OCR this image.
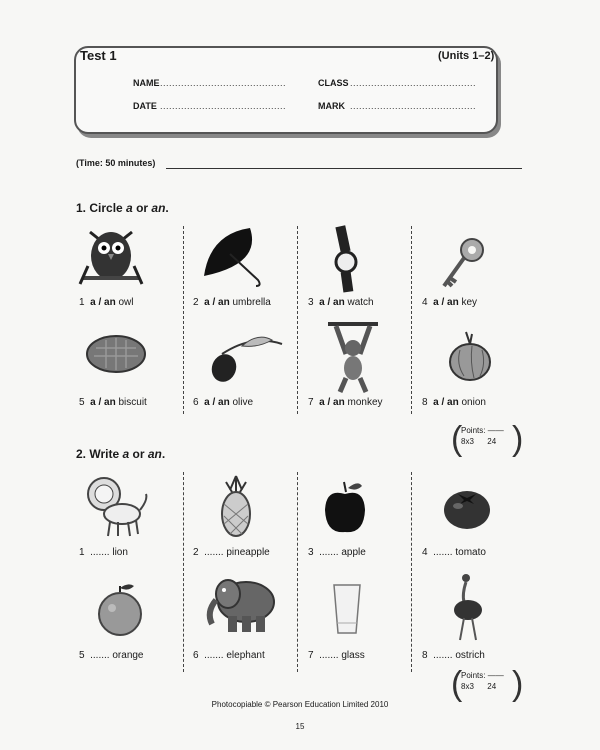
Test 1	(Units 1–2)
NAME ..........................................	CLASS ..........................................
DATE ..........................................	MARK ..........................................
(Time: 50 minutes)
1. Circle a or an.
1 a / an owl	2 a / an umbrella	3 a / an watch	4 a / an key
5 a / an biscuit	6 a / an olive	7 a / an monkey	8 a / an onion
(
Points: ——
8x3 24 )
2. Write a or an.
1 ....... lion	2 ....... pineapple	3 ....... apple	4 ....... tomato
5 ....... orange	6 ....... elephant	7 ....... glass	8 ....... ostrich
(
Points: ——
8x3 24 )
Photocopiable © Pearson Education Limited 2010
15
